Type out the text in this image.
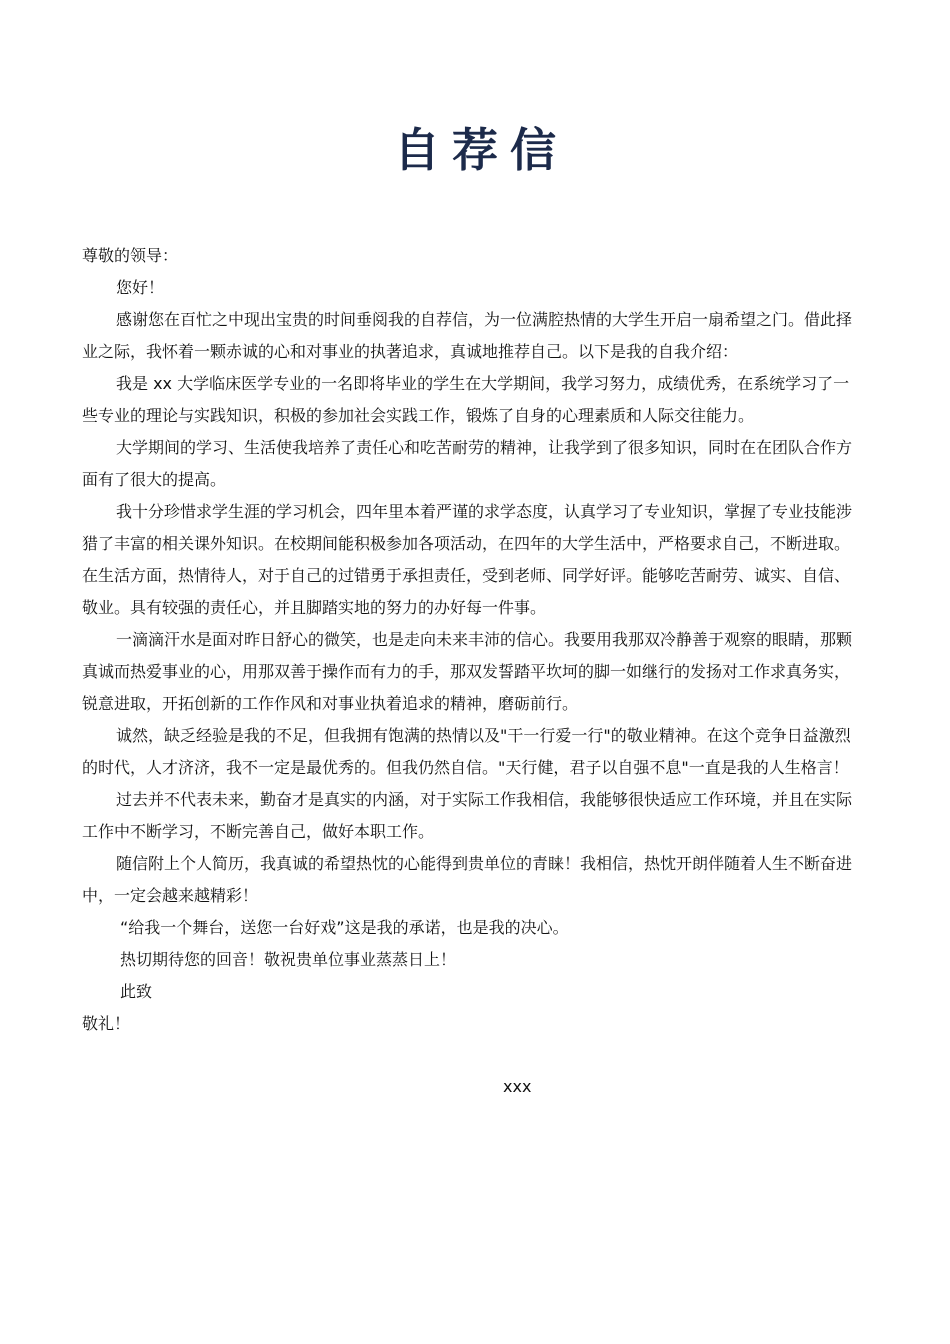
自荐信

尊敬的领导：

您好！

感谢您在百忙之中现出宝贵的时间垂阅我的自荐信，为一位满腔热情的大学生开启一扇希望之门。借此择业之际，我怀着一颗赤诚的心和对事业的执著追求，真诚地推荐自己。以下是我的自我介绍：

我是 xx 大学临床医学专业的一名即将毕业的学生在大学期间，我学习努力，成绩优秀，在系统学习了一些专业的理论与实践知识，积极的参加社会实践工作，锻炼了自身的心理素质和人际交往能力。

大学期间的学习、生活使我培养了责任心和吃苦耐劳的精神，让我学到了很多知识，同时在在团队合作方面有了很大的提高。

我十分珍惜求学生涯的学习机会，四年里本着严谨的求学态度，认真学习了专业知识，掌握了专业技能涉猎了丰富的相关课外知识。在校期间能积极参加各项活动，在四年的大学生活中，严格要求自己，不断进取。在生活方面，热情待人，对于自己的过错勇于承担责任，受到老师、同学好评。能够吃苦耐劳、诚实、自信、敬业。具有较强的责任心，并且脚踏实地的努力的办好每一件事。

一滴滴汗水是面对昨日舒心的微笑，也是走向未来丰沛的信心。我要用我那双冷静善于观察的眼睛，那颗真诚而热爱事业的心，用那双善于操作而有力的手，那双发誓踏平坎坷的脚一如继行的发扬对工作求真务实，锐意进取，开拓创新的工作作风和对事业执着追求的精神，磨砺前行。

诚然，缺乏经验是我的不足，但我拥有饱满的热情以及"干一行爱一行"的敬业精神。在这个竞争日益激烈的时代，人才济济，我不一定是最优秀的。但我仍然自信。"天行健，君子以自强不息"一直是我的人生格言！

过去并不代表未来，勤奋才是真实的内涵，对于实际工作我相信，我能够很快适应工作环境，并且在实际工作中不断学习，不断完善自己，做好本职工作。

随信附上个人简历，我真诚的希望热忱的心能得到贵单位的青睐！我相信，热忱开朗伴随着人生不断奋进中，一定会越来越精彩！

“给我一个舞台，送您一台好戏”这是我的承诺，也是我的决心。

热切期待您的回音！敬祝贵单位事业蒸蒸日上！

此致

敬礼！

xxx
